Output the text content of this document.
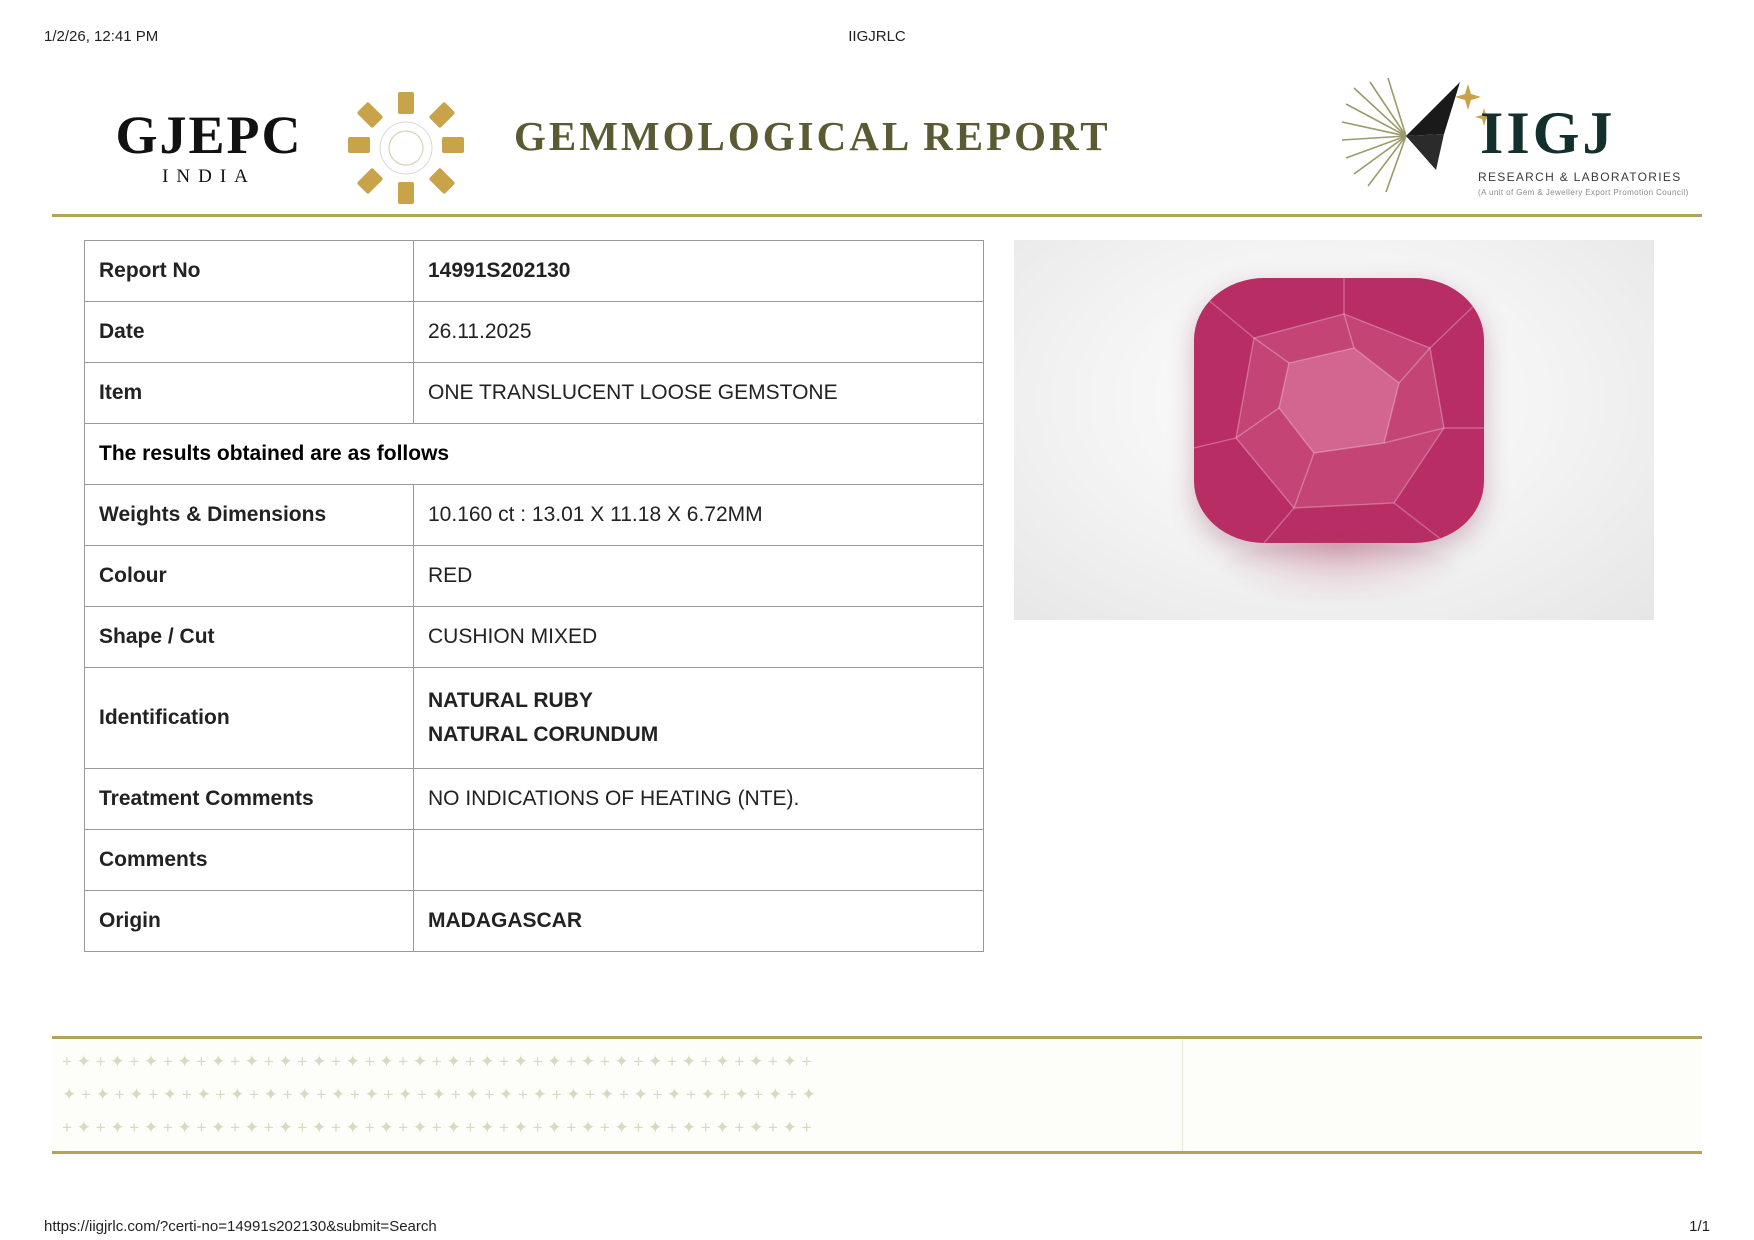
1/2/26, 12:41 PM	IIGJRLC
GJEPC
INDIA
GEMMOLOGICAL REPORT	IIGJ
RESEARCH & LABORATORIES
(A unit of Gem & Jewellery Export Promotion Council)
Report No	14991S202130
Date	26.11.2025
Item	ONE TRANSLUCENT LOOSE GEMSTONE
The results obtained are as follows	
Weights & Dimensions	10.160 ct : 13.01 X 11.18 X 6.72MM
Colour	RED
Shape / Cut	CUSHION MIXED
Identification	NATURAL RUBY
NATURAL CORUNDUM

Treatment Comments	NO INDICATIONS OF HEATING (NTE).
Comments	
Origin	MADAGASCAR
+ ✦ + ✦ + ✦ + ✦ + ✦ + ✦ + ✦ + ✦ + ✦ + ✦ + ✦ + ✦ + ✦ + ✦ + ✦ + ✦ + ✦ + ✦ + ✦ + ✦ + ✦ + ✦ +
✦ + ✦ + ✦ + ✦ + ✦ + ✦ + ✦ + ✦ + ✦ + ✦ + ✦ + ✦ + ✦ + ✦ + ✦ + ✦ + ✦ + ✦ + ✦ + ✦ + ✦ + ✦ + ✦
+ ✦ + ✦ + ✦ + ✦ + ✦ + ✦ + ✦ + ✦ + ✦ + ✦ + ✦ + ✦ + ✦ + ✦ + ✦ + ✦ + ✦ + ✦ + ✦ + ✦ + ✦ + ✦ +
https://iigjrlc.com/?certi-no=14991s202130&submit=Search	1/1
